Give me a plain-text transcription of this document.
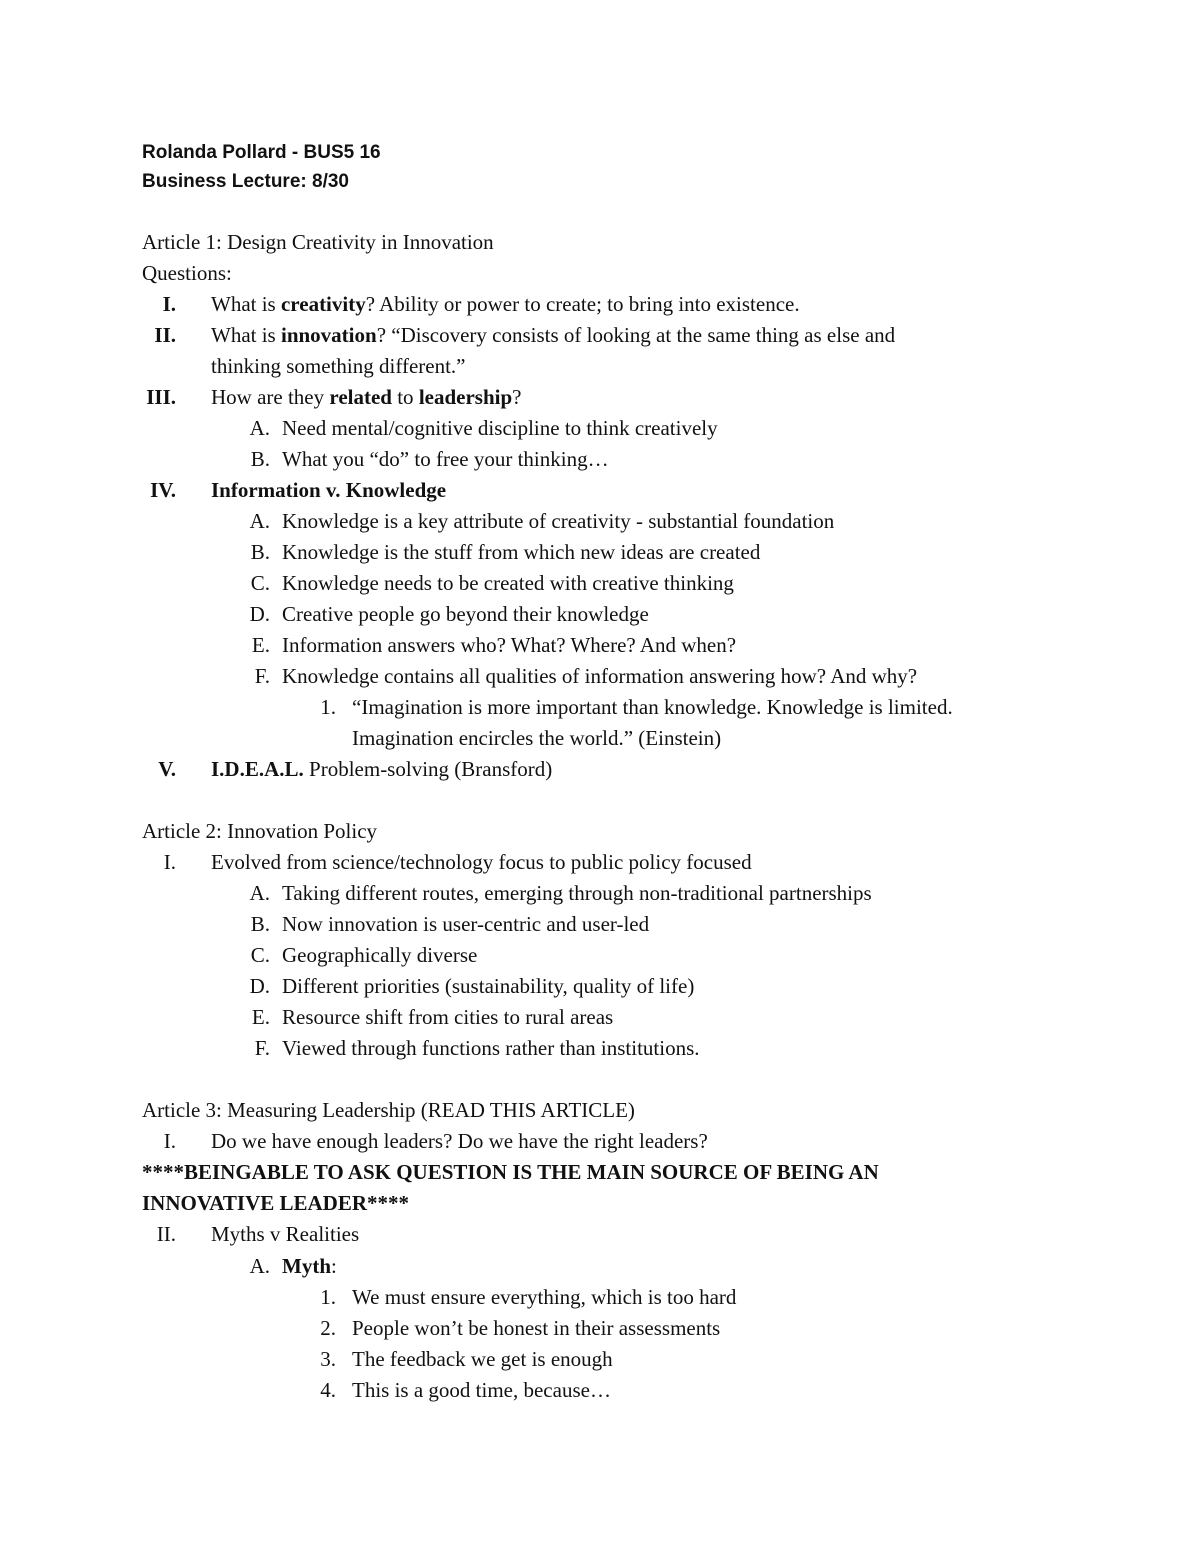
Rolanda Pollard - BUS5 16
Business Lecture: 8/30
Article 1: Design Creativity in Innovation
Questions:
I. What is creativity? Ability or power to create; to bring into existence.
II. What is innovation? “Discovery consists of looking at the same thing as else and
thinking something different.”
III. How are they related to leadership?
A. Need mental/cognitive discipline to think creatively
B. What you “do” to free your thinking…
IV. Information v. Knowledge
A. Knowledge is a key attribute of creativity - substantial foundation
B. Knowledge is the stuff from which new ideas are created
C. Knowledge needs to be created with creative thinking
D. Creative people go beyond their knowledge
E. Information answers who? What? Where? And when?
F. Knowledge contains all qualities of information answering how? And why?
1. “Imagination is more important than knowledge. Knowledge is limited.
Imagination encircles the world.” (Einstein)
V. I.D.E.A.L. Problem-solving (Bransford)
Article 2: Innovation Policy
I. Evolved from science/technology focus to public policy focused
A. Taking different routes, emerging through non-traditional partnerships
B. Now innovation is user-centric and user-led
C. Geographically diverse
D. Different priorities (sustainability, quality of life)
E. Resource shift from cities to rural areas
F. Viewed through functions rather than institutions.
Article 3: Measuring Leadership (READ THIS ARTICLE)
I. Do we have enough leaders? Do we have the right leaders?
****BEINGABLE TO ASK QUESTION IS THE MAIN SOURCE OF BEING AN
INNOVATIVE LEADER****
II. Myths v Realities
A. Myth:
1. We must ensure everything, which is too hard
2. People won’t be honest in their assessments
3. The feedback we get is enough
4. This is a good time, because…
